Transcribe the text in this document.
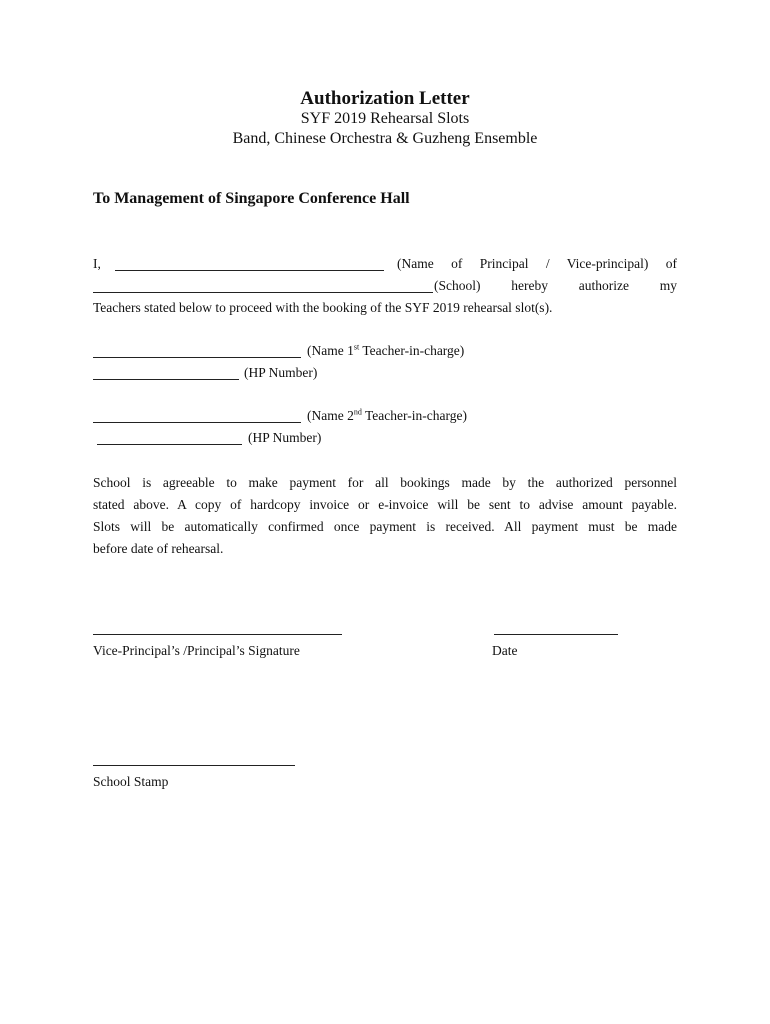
Authorization Letter
SYF 2019 Rehearsal Slots
Band, Chinese Orchestra & Guzheng Ensemble
To Management of Singapore Conference Hall
I,	(Name of Principal / Vice-principal) of
(School) hereby authorize my
Teachers stated below to proceed with the booking of the SYF 2019 rehearsal slot(s).
(Name 1st Teacher-in-charge)
(HP Number)
(Name 2nd Teacher-in-charge)
(HP Number)
School is agreeable to make payment for all bookings made by the authorized personnel
stated above. A copy of hardcopy invoice or e-invoice will be sent to advise amount payable.
Slots will be automatically confirmed once payment is received. All payment must be made
before date of rehearsal.
Vice-Principal’s /Principal’s Signature	Date
School Stamp
